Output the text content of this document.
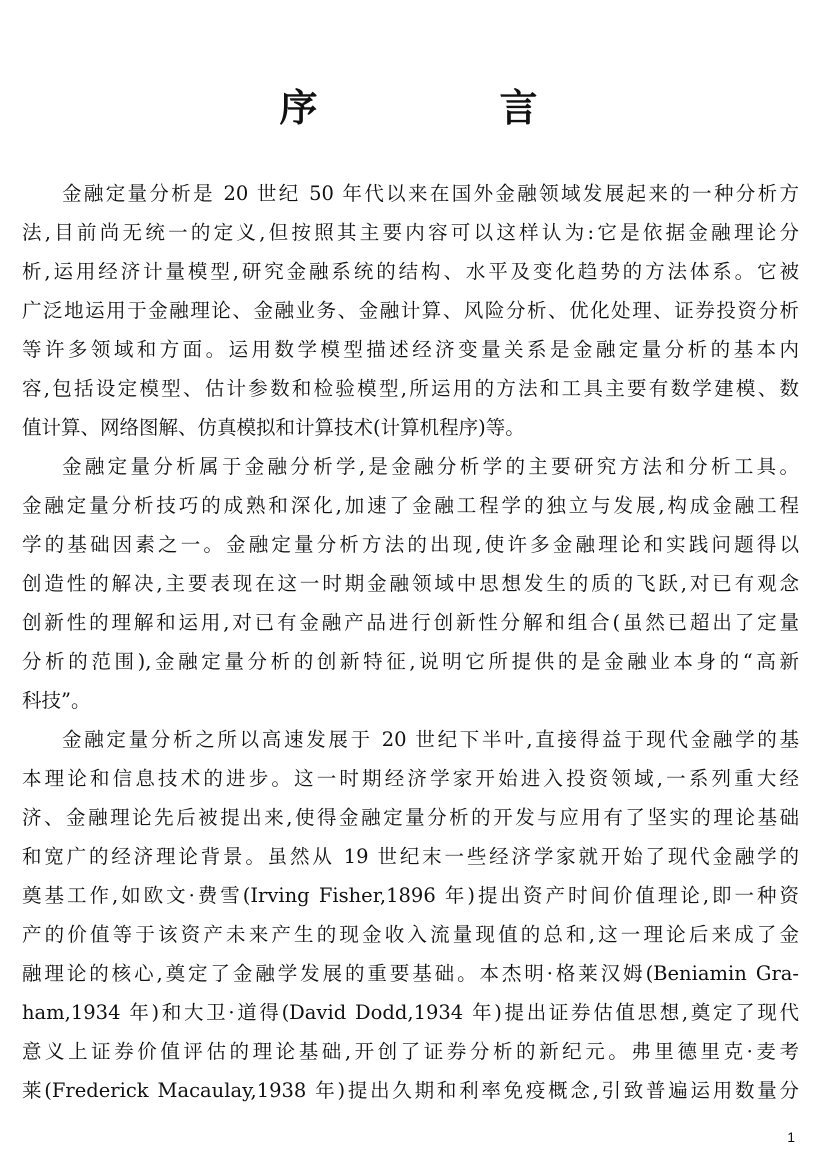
序　言
金融定量分析是 20 世纪 50 年代以来在国外金融领域发展起来的一种分析方
法,目前尚无统一的定义,但按照其主要内容可以这样认为:它是依据金融理论分
析,运用经济计量模型,研究金融系统的结构、水平及变化趋势的方法体系。它被
广泛地运用于金融理论、金融业务、金融计算、风险分析、优化处理、证券投资分析
等许多领域和方面。运用数学模型描述经济变量关系是金融定量分析的基本内
容,包括设定模型、估计参数和检验模型,所运用的方法和工具主要有数学建模、数
值计算、网络图解、仿真模拟和计算技术(计算机程序)等。
金融定量分析属于金融分析学,是金融分析学的主要研究方法和分析工具。
金融定量分析技巧的成熟和深化,加速了金融工程学的独立与发展,构成金融工程
学的基础因素之一。金融定量分析方法的出现,使许多金融理论和实践问题得以
创造性的解决,主要表现在这一时期金融领域中思想发生的质的飞跃,对已有观念
创新性的理解和运用,对已有金融产品进行创新性分解和组合(虽然已超出了定量
分析的范围),金融定量分析的创新特征,说明它所提供的是金融业本身的“高新
科技”。
金融定量分析之所以高速发展于 20 世纪下半叶,直接得益于现代金融学的基
本理论和信息技术的进步。这一时期经济学家开始进入投资领域,一系列重大经
济、金融理论先后被提出来,使得金融定量分析的开发与应用有了坚实的理论基础
和宽广的经济理论背景。虽然从 19 世纪末一些经济学家就开始了现代金融学的
奠基工作,如欧文·费雪(Irving Fisher,1896 年)提出资产时间价值理论,即一种资
产的价值等于该资产未来产生的现金收入流量现值的总和,这一理论后来成了金
融理论的核心,奠定了金融学发展的重要基础。本杰明·格莱汉姆(Beniamin Gra-
ham,1934 年)和大卫·道得(David Dodd,1934 年)提出证券估值思想,奠定了现代
意义上证券价值评估的理论基础,开创了证券分析的新纪元。弗里德里克·麦考
莱(Frederick Macaulay,1938 年)提出久期和利率免疫概念,引致普遍运用数量分
1
